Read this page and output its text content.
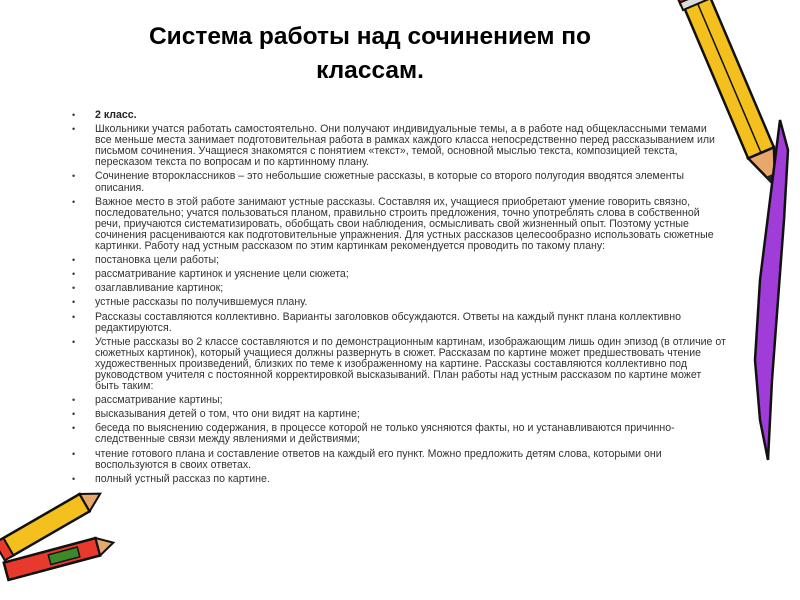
Система работы над сочинением по
классам.
• 2 класс.
• Школьники учатся работать самостоятельно. Они получают индивидуальные темы, а в работе над общеклассными темами все меньше места занимает подготовительная работа в рамках каждого класса непосредственно перед рассказыванием или письмом сочинения. Учащиеся знакомятся с понятием «текст», темой, основной мыслью текста, композицией текста, пересказом текста по вопросам и по картинному плану.
• Сочинение второклассников – это небольшие сюжетные рассказы, в которые со второго полугодия вводятся элементы описания.
• Важное место в этой работе занимают устные рассказы. Составляя их, учащиеся приобретают умение говорить связно, последовательно; учатся пользоваться планом, правильно строить предложения, точно употреблять слова в собственной речи, приучаются систематизировать, обобщать свои наблюдения, осмысливать свой жизненный опыт. Поэтому устные сочинения расцениваются как подготовительные упражнения. Для устных рассказов целесообразно использовать сюжетные картинки. Работу над устным рассказом по этим картинкам рекомендуется проводить по такому плану:
• постановка цели работы;
• рассматривание картинок и уяснение цели сюжета;
• озаглавливание картинок;
• устные рассказы по получившемуся плану.
• Рассказы составляются коллективно. Варианты заголовков обсуждаются. Ответы на каждый пункт плана коллективно редактируются.
• Устные рассказы во 2 классе составляются и по демонстрационным картинам, изображающим лишь один эпизод (в отличие от сюжетных картинок), который учащиеся должны развернуть в сюжет. Рассказам по картине может предшествовать чтение художественных произведений, близких по теме к изображенному на картине. Рассказы составляются коллективно под руководством учителя с постоянной корректировкой высказываний. План работы над устным рассказом по картине может быть таким:
• рассматривание картины;
• высказывания детей о том, что они видят на картине;
• беседа по выяснению содержания, в процессе которой не только уясняются факты, но и устанавливаются причинно-следственные связи между явлениями и действиями;
• чтение готового плана и составление ответов на каждый его пункт. Можно предложить детям слова, которыми они воспользуются в своих ответах.
• полный устный рассказ по картине.
